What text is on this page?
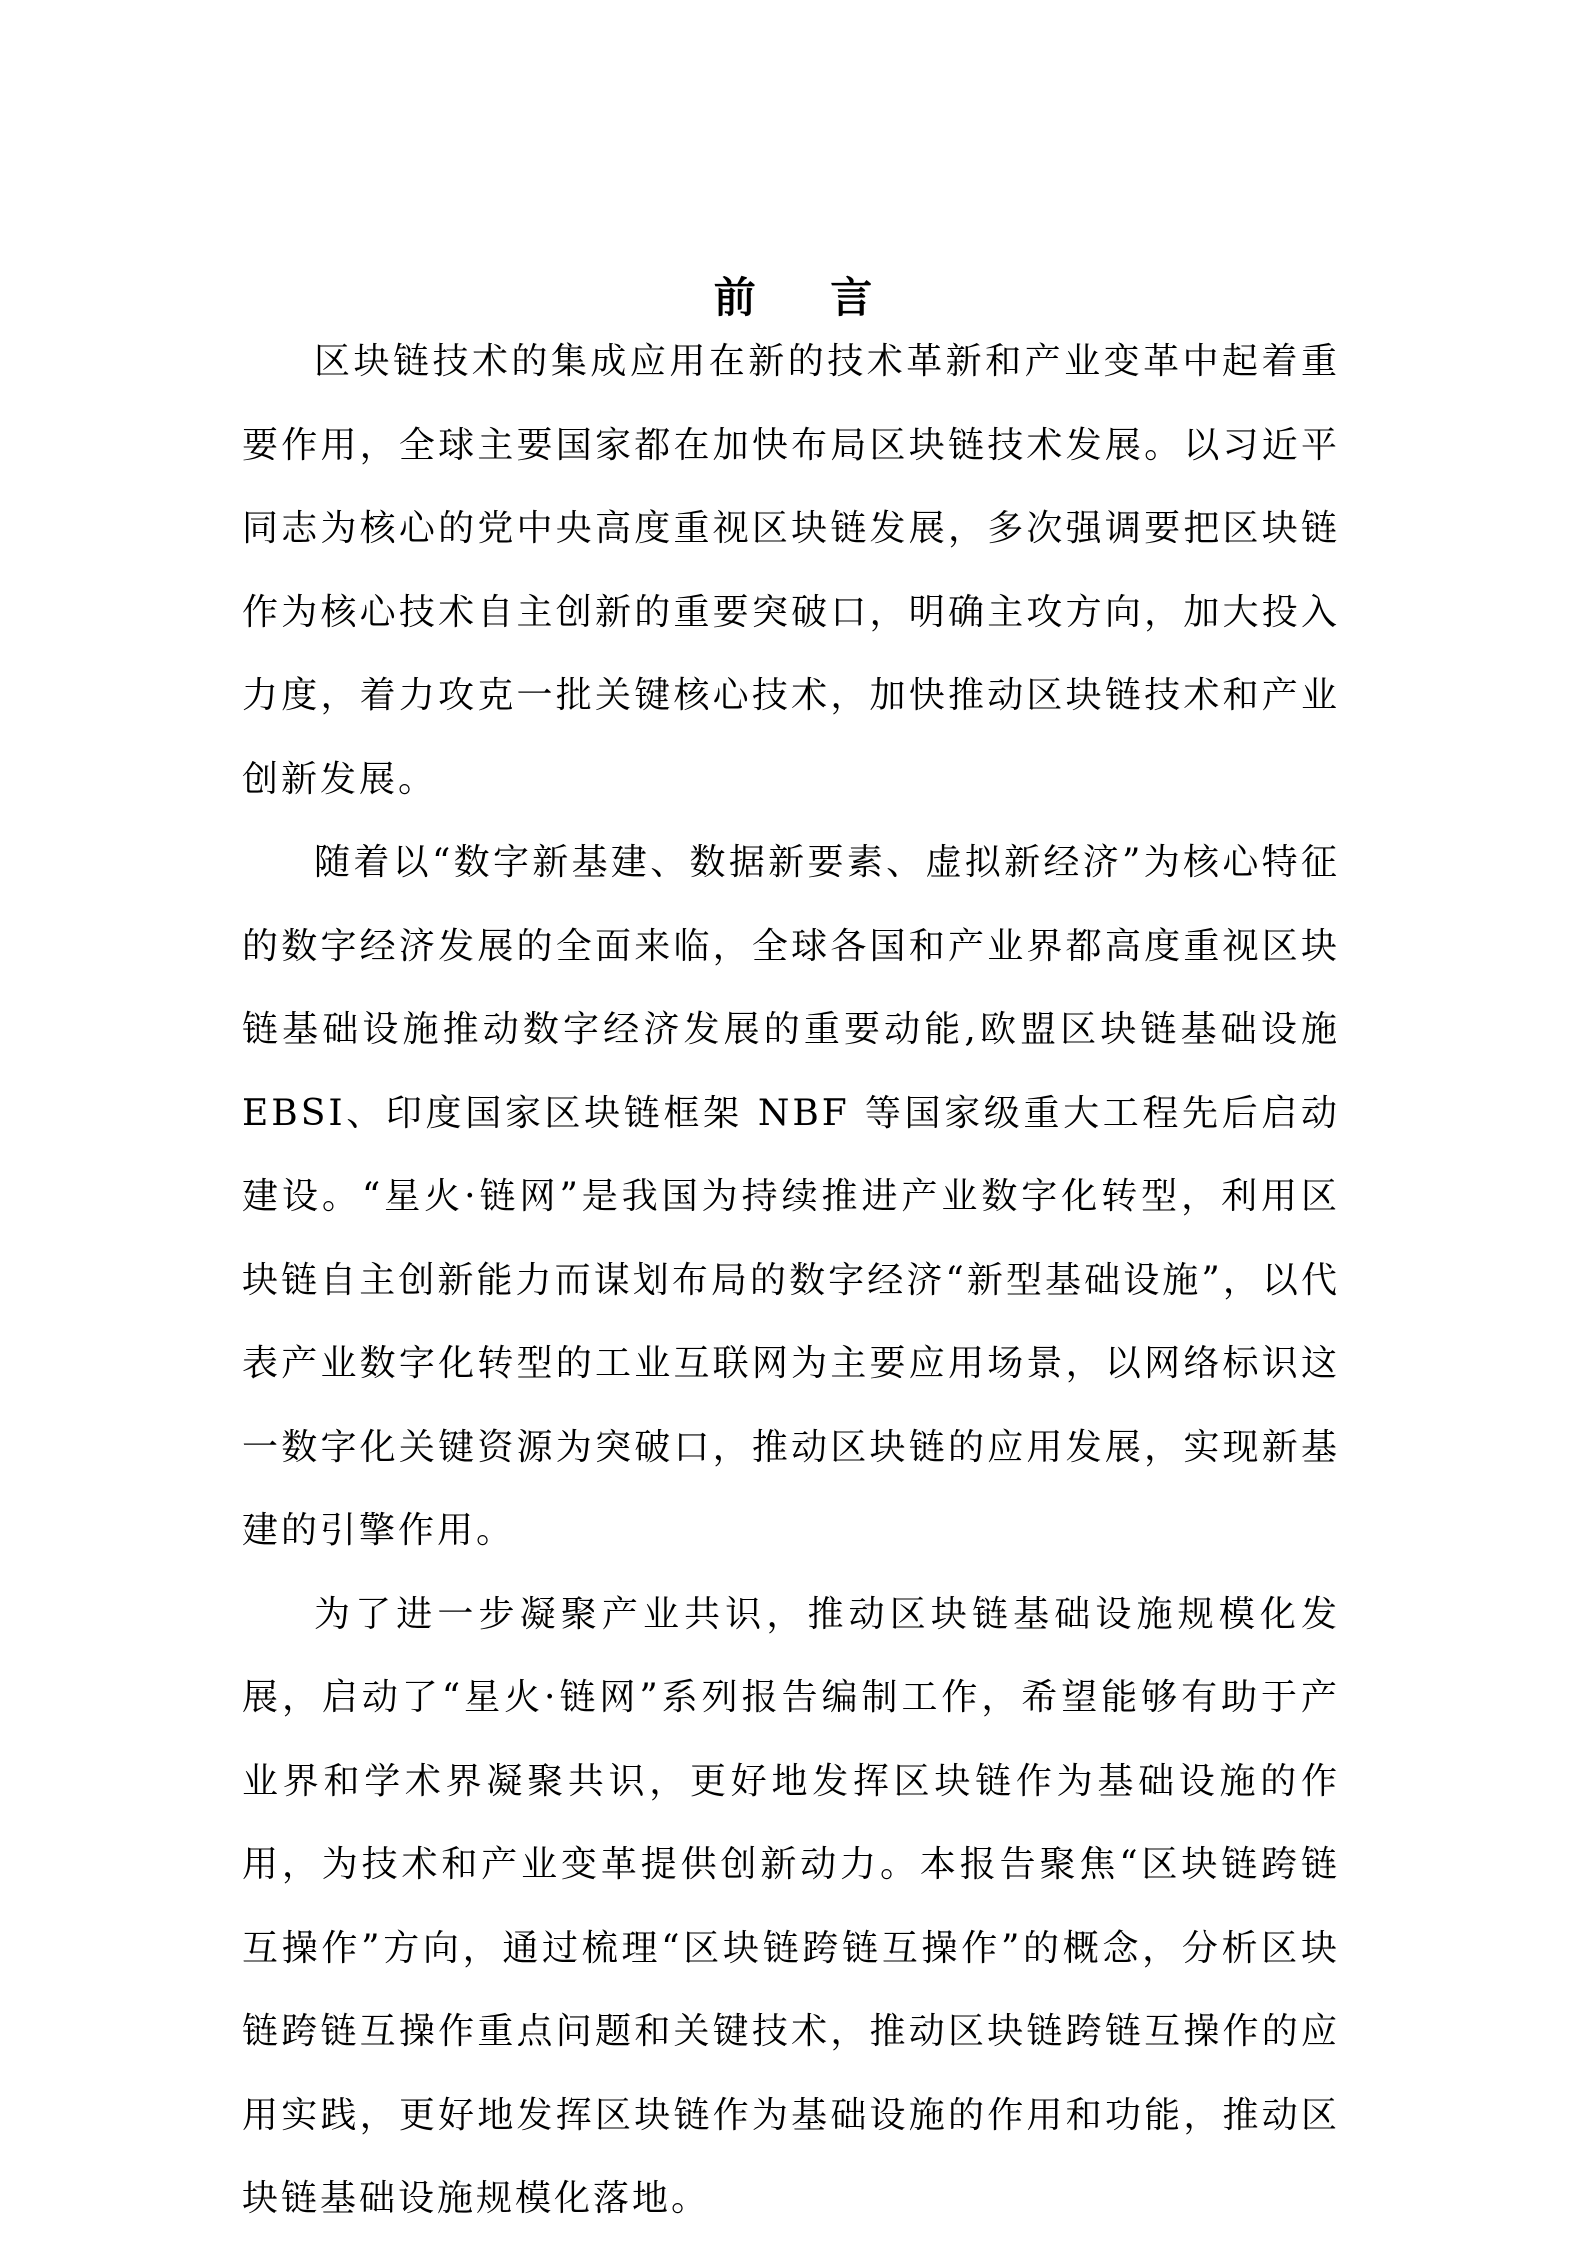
前 言

区块链技术的集成应用在新的技术革新和产业变革中起着重要作用，全球主要国家都在加快布局区块链技术发展。以习近平同志为核心的党中央高度重视区块链发展，多次强调要把区块链作为核心技术自主创新的重要突破口，明确主攻方向，加大投入力度，着力攻克一批关键核心技术，加快推动区块链技术和产业创新发展。

随着以“数字新基建、数据新要素、虚拟新经济”为核心特征的数字经济发展的全面来临，全球各国和产业界都高度重视区块链基础设施推动数字经济发展的重要动能,欧盟区块链基础设施 EBSI、印度国家区块链框架 NBF 等国家级重大工程先后启动建设。“星火·链网”是我国为持续推进产业数字化转型，利用区块链自主创新能力而谋划布局的数字经济“新型基础设施”，以代表产业数字化转型的工业互联网为主要应用场景，以网络标识这一数字化关键资源为突破口，推动区块链的应用发展，实现新基建的引擎作用。

为了进一步凝聚产业共识，推动区块链基础设施规模化发展，启动了“星火·链网”系列报告编制工作，希望能够有助于产业界和学术界凝聚共识，更好地发挥区块链作为基础设施的作用，为技术和产业变革提供创新动力。本报告聚焦“区块链跨链互操作”方向，通过梳理“区块链跨链互操作”的概念，分析区块链跨链互操作重点问题和关键技术，推动区块链跨链互操作的应用实践，更好地发挥区块链作为基础设施的作用和功能，推动区块链基础设施规模化落地。
